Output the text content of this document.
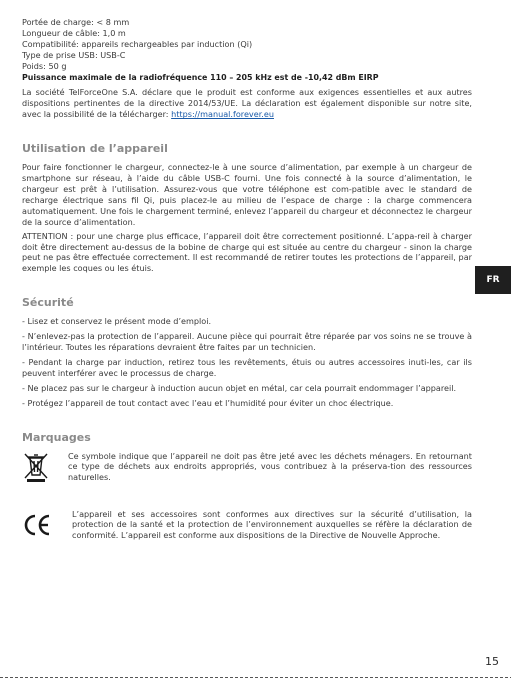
Portée de charge: < 8 mm

Longueur de câble: 1,0 m

Compatibilité: appareils rechargeables par induction (Qi)

Type de prise USB: USB-C

Poids: 50 g

Puissance maximale de la radiofréquence 110 – 205 kHz est de -10,42 dBm EIRP

La société TelForceOne S.A. déclare que le produit est conforme aux exigences essentielles et aux autres dispositions pertinentes de la directive 2014/53/UE. La déclaration est également disponible sur notre site, avec la possibilité de la télécharger: https://manual.forever.eu

Utilisation de l’appareil

Pour faire fonctionner le chargeur, connectez-le à une source d’alimentation, par exemple à un chargeur de smartphone sur réseau, à l’aide du câble USB-C fourni. Une fois connecté à la source d’alimentation, le chargeur est prêt à l’utilisation. Assurez-vous que votre téléphone est com-patible avec le standard de recharge électrique sans fil Qi, puis placez-le au milieu de l’espace de charge : la charge commencera automatiquement. Une fois le chargement terminé, enlevez l’appareil du chargeur et déconnectez le chargeur de la source d’alimentation.

ATTENTION : pour une charge plus efficace, l’appareil doit être correctement positionné. L’appa-reil à charger doit être directement au-dessus de la bobine de charge qui est située au centre du chargeur - sinon la charge peut ne pas être effectuée correctement. Il est recommandé de retirer toutes les protections de l’appareil, par exemple les coques ou les étuis.

Sécurité

- Lisez et conservez le présent mode d’emploi.

- N’enlevez-pas la protection de l’appareil. Aucune pièce qui pourrait être réparée par vos soins ne se trouve à l’intérieur. Toutes les réparations devraient être faites par un technicien.

- Pendant la charge par induction, retirez tous les revêtements, étuis ou autres accessoires inuti-les, car ils peuvent interférer avec le processus de charge.

- Ne placez pas sur le chargeur à induction aucun objet en métal, car cela pourrait endommager l’appareil.

- Protégez l’appareil de tout contact avec l’eau et l’humidité pour éviter un choc électrique.

Marquages

Ce symbole indique que l’appareil ne doit pas être jeté avec les déchets ménagers. En retournant ce type de déchets aux endroits appropriés, vous contribuez à la préserva-tion des ressources naturelles.

L’appareil et ses accessoires sont conformes aux directives sur la sécurité d’utilisation, la protection de la santé et la protection de l’environnement auxquelles se réfère la déclaration de conformité. L’appareil est conforme aux dispositions de la Directive de Nouvelle Approche.

FR
15
